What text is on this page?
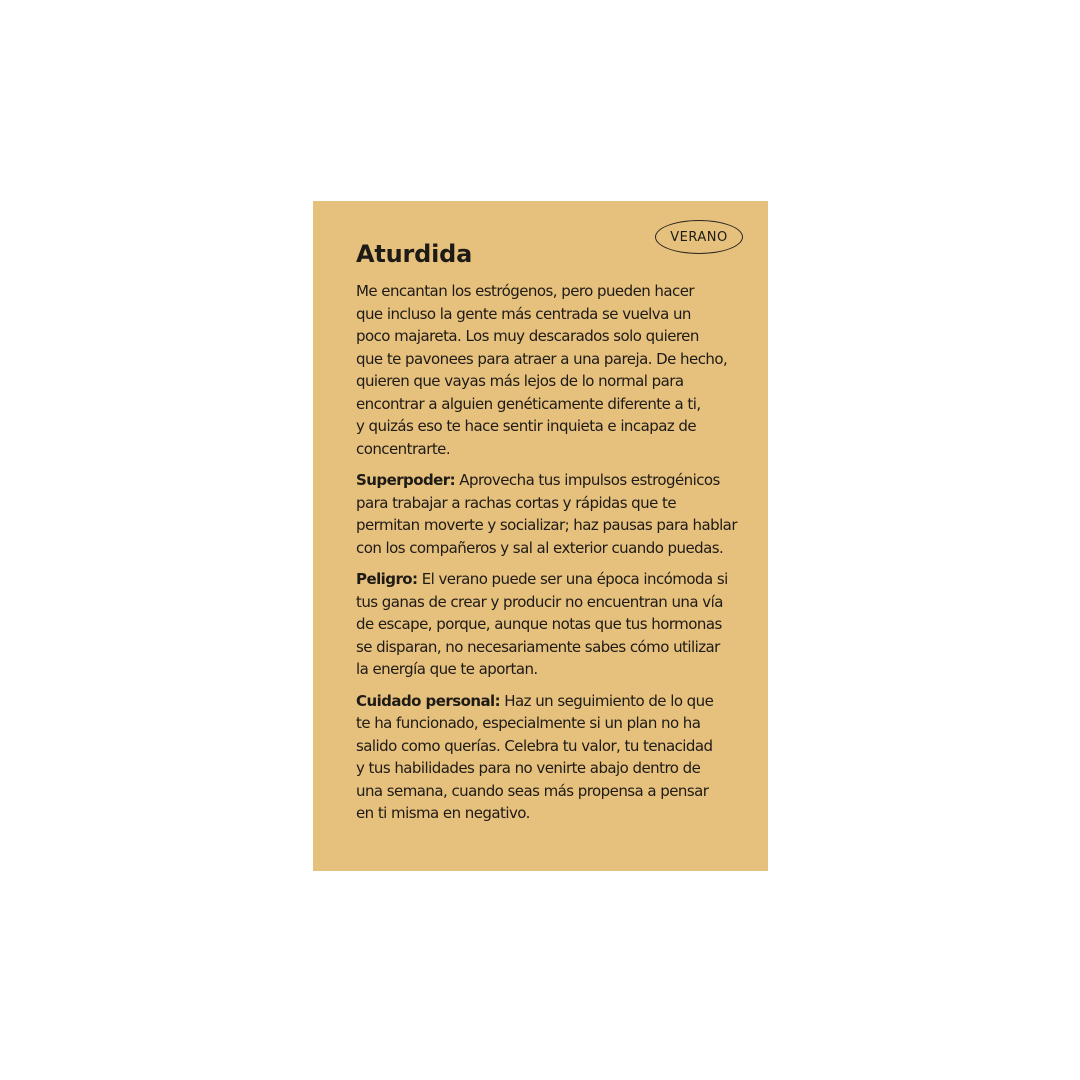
VERANO
Aturdida

Me encantan los estrógenos, pero pueden hacer
que incluso la gente más centrada se vuelva un
poco majareta. Los muy descarados solo quieren
que te pavonees para atraer a una pareja. De hecho,
quieren que vayas más lejos de lo normal para
encontrar a alguien genéticamente diferente a ti,
y quizás eso te hace sentir inquieta e incapaz de
concentrarte.

Superpoder: Aprovecha tus impulsos estrogénicos
para trabajar a rachas cortas y rápidas que te
permitan moverte y socializar; haz pausas para hablar
con los compañeros y sal al exterior cuando puedas.

Peligro: El verano puede ser una época incómoda si
tus ganas de crear y producir no encuentran una vía
de escape, porque, aunque notas que tus hormonas
se disparan, no necesariamente sabes cómo utilizar
la energía que te aportan.

Cuidado personal: Haz un seguimiento de lo que
te ha funcionado, especialmente si un plan no ha
salido como querías. Celebra tu valor, tu tenacidad
y tus habilidades para no venirte abajo dentro de
una semana, cuando seas más propensa a pensar
en ti misma en negativo.
